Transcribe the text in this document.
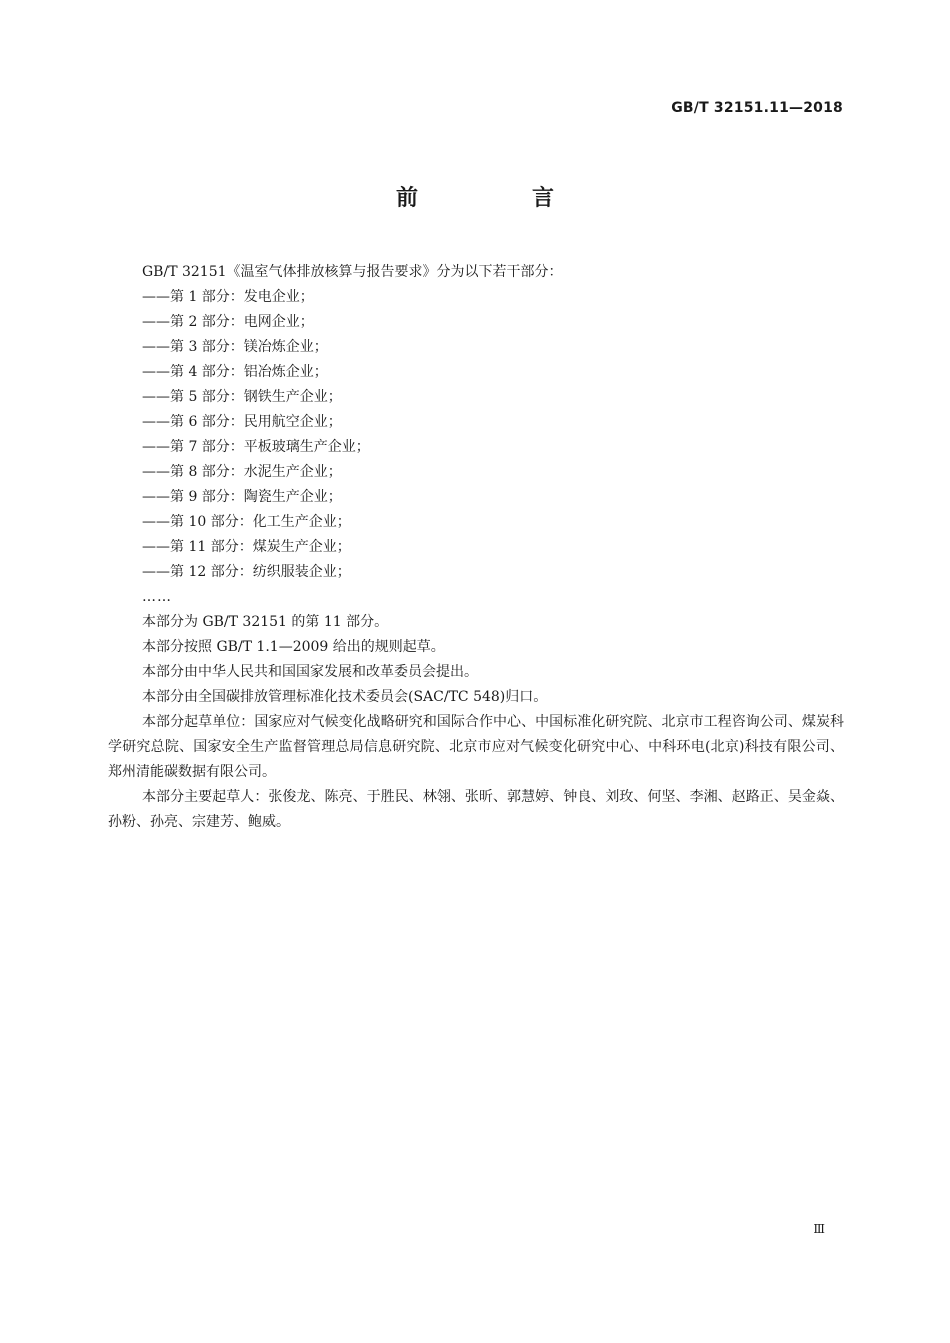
GB/T 32151.11—2018
前　言

GB/T 32151《温室气体排放核算与报告要求》分为以下若干部分：

——第 1 部分：发电企业；
——第 2 部分：电网企业；
——第 3 部分：镁冶炼企业；
——第 4 部分：铝冶炼企业；
——第 5 部分：钢铁生产企业；
——第 6 部分：民用航空企业；
——第 7 部分：平板玻璃生产企业；
——第 8 部分：水泥生产企业；
——第 9 部分：陶瓷生产企业；
——第 10 部分：化工生产企业；
——第 11 部分：煤炭生产企业；
——第 12 部分：纺织服装企业；
……

本部分为 GB/T 32151 的第 11 部分。

本部分按照 GB/T 1.1—2009 给出的规则起草。

本部分由中华人民共和国国家发展和改革委员会提出。

本部分由全国碳排放管理标准化技术委员会(SAC/TC 548)归口。

本部分起草单位：国家应对气候变化战略研究和国际合作中心、中国标准化研究院、北京市工程咨询公司、煤炭科学研究总院、国家安全生产监督管理总局信息研究院、北京市应对气候变化研究中心、中科环电(北京)科技有限公司、郑州清能碳数据有限公司。

本部分主要起草人：张俊龙、陈亮、于胜民、林翎、张昕、郭慧婷、钟良、刘玫、何坚、李湘、赵路正、吴金焱、孙粉、孙亮、宗建芳、鲍威。

Ⅲ
